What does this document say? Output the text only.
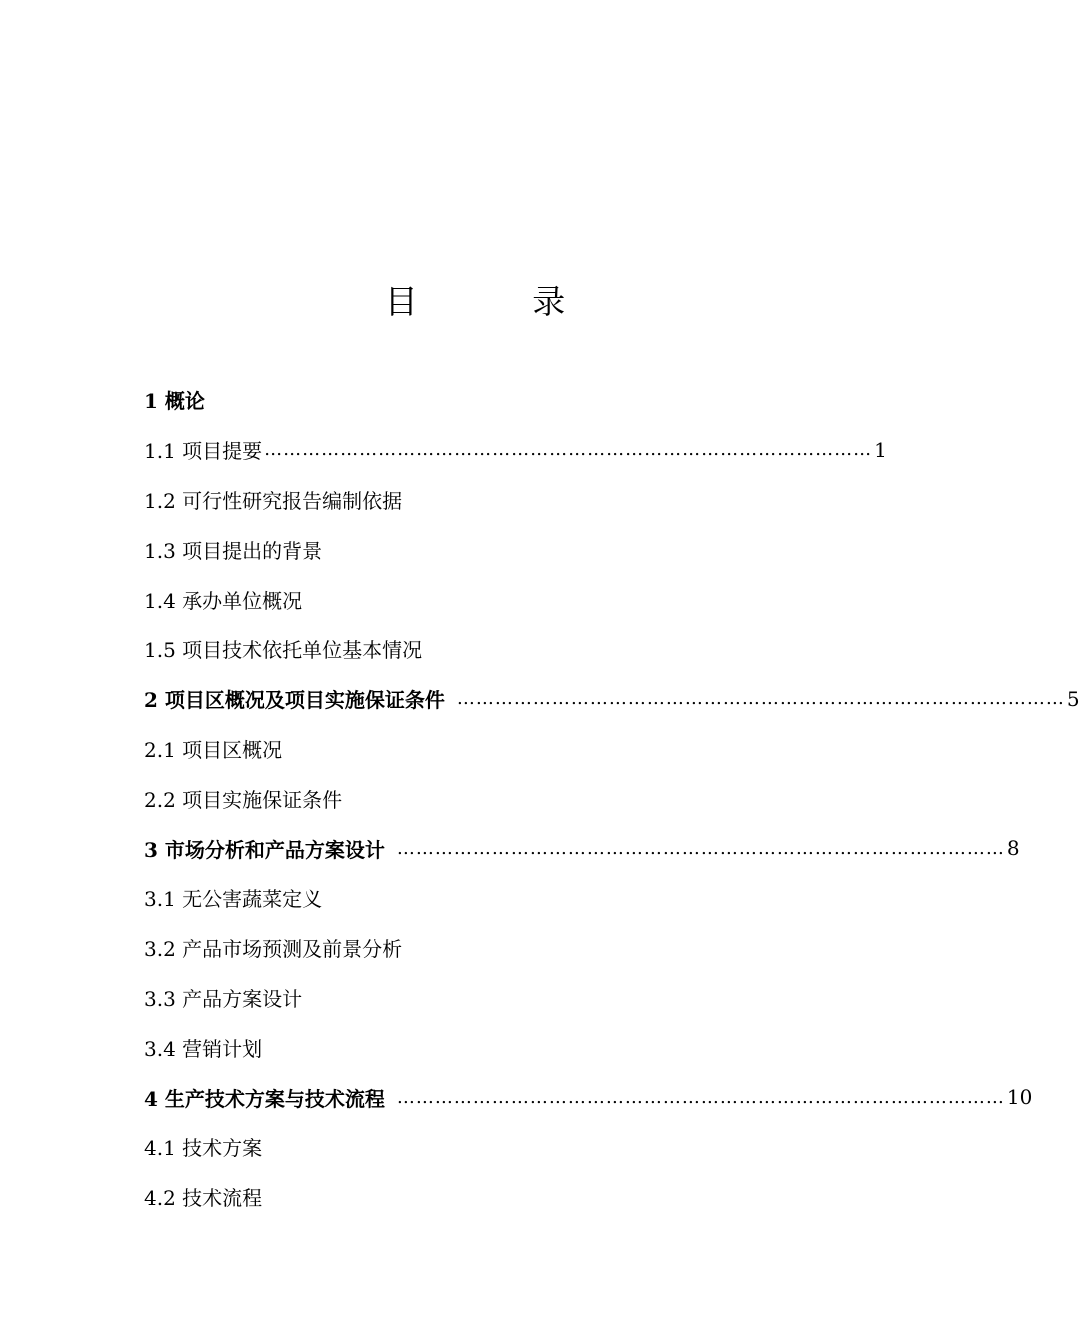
目 录
1 概论
1.1 项目提要 …………………………………………………………………………………… 1
1.2 可行性研究报告编制依据
1.3 项目提出的背景
1.4 承办单位概况
1.5 项目技术依托单位基本情况
2 项目区概况及项目实施保证条件 …………………………………………………………………………………… 5
2.1 项目区概况
2.2 项目实施保证条件
3 市场分析和产品方案设计 …………………………………………………………………………………… 8
3.1 无公害蔬菜定义
3.2 产品市场预测及前景分析
3.3 产品方案设计
3.4 营销计划
4 生产技术方案与技术流程 …………………………………………………………………………………… 10
4.1 技术方案
4.2 技术流程
